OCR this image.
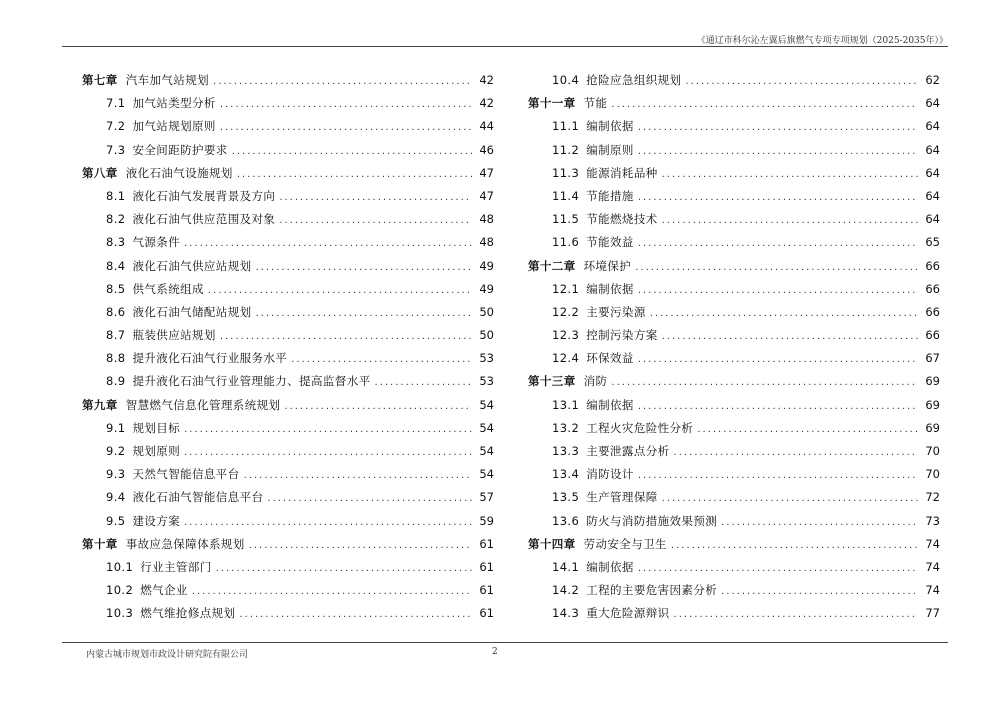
《通辽市科尔沁左翼后旗燃气专项专项规划（2025-2035年）》
第七章 汽车加气站规划 .....	42
7.1 加气站类型分析 .....	42
7.2 加气站规划原则 .....	44
7.3 安全间距防护要求 .....	46
第八章 液化石油气设施规划 .....	47
8.1 液化石油气发展背景及方向 .....	47
8.2 液化石油气供应范围及对象 .....	48
8.3 气源条件 .....	48
8.4 液化石油气供应站规划 .....	49
8.5 供气系统组成 .....	49
8.6 液化石油气储配站规划 .....	50
8.7 瓶装供应站规划 .....	50
8.8 提升液化石油气行业服务水平 .....	53
8.9 提升液化石油气行业管理能力、提高监督水平 .....	53
第九章 智慧燃气信息化管理系统规划 .....	54
9.1 规划目标 .....	54
9.2 规划原则 .....	54
9.3 天然气智能信息平台 .....	54
9.4 液化石油气智能信息平台 .....	57
9.5 建设方案 .....	59
第十章 事故应急保障体系规划 .....	61
10.1 行业主管部门 .....	61
10.2 燃气企业 .....	61
10.3 燃气维抢修点规划 .....	61
10.4 抢险应急组织规划 .....	62
第十一章 节能 .....	64
11.1 编制依据 .....	64
11.2 编制原则 .....	64
11.3 能源消耗品种 .....	64
11.4 节能措施 .....	64
11.5 节能燃烧技术 .....	64
11.6 节能效益 .....	65
第十二章 环境保护 .....	66
12.1 编制依据 .....	66
12.2 主要污染源 .....	66
12.3 控制污染方案 .....	66
12.4 环保效益 .....	67
第十三章 消防 .....	69
13.1 编制依据 .....	69
13.2 工程火灾危险性分析 .....	69
13.3 主要泄露点分析 .....	70
13.4 消防设计 .....	70
13.5 生产管理保障 .....	72
13.6 防火与消防措施效果预测 .....	73
第十四章 劳动安全与卫生 .....	74
14.1 编制依据 .....	74
14.2 工程的主要危害因素分析 .....	74
14.3 重大危险源辩识 .....	77
内蒙古城市规划市政设计研究院有限公司	2
